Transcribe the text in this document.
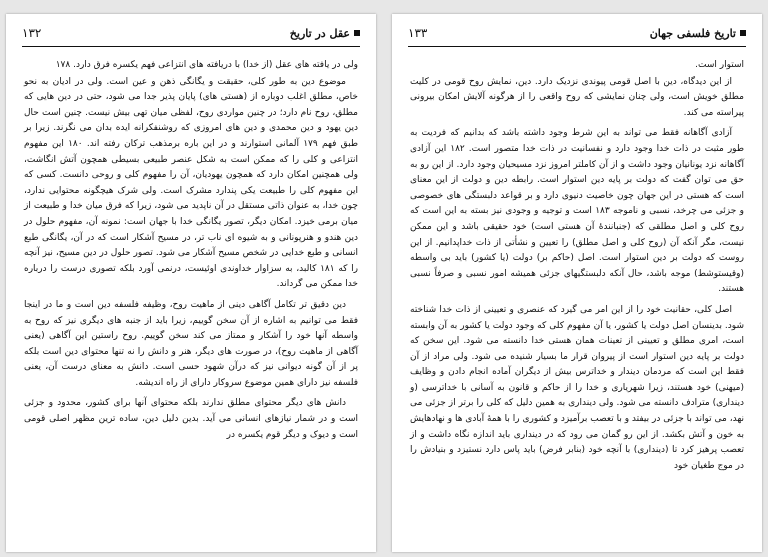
۱۳۲	عقل در تاریخ

ولی در یافته های عقل (از خدا) با دریافته های انتزاعی فهم یکسره فرق دارد. ۱۷۸

موضوع دین به طور کلی، حقیقت و یگانگی ذهن و عین است. ولی در ادیان به نحو خاص، مطلق اغلب دوباره از (هستی های) پایان پذیر جدا می شود، حتی در دین هایی که مطلق، روح نام دارد؛ در چنین مواردی روح، لفظی میان تهی بیش نیست. چنین است حال دین یهود و دین محمدی و دین های امروزی که روشنفکرانه ایده بدان می نگرند. زیرا بر طبق فهم ۱۷۹ آلمانی استوارند و در این باره برمذهب ترکان رفته اند. ۱۸۰ این مفهوم انتزاعی و کلی را که ممکن است به شکل عنصر طبیعی بسیطی همچون آتش انگاشت، ولی همچنین امکان دارد که همچون یهودیان، آن را مفهوم کلی و روحی دانست. کسی که این مفهوم کلی را طبیعت یکی پندارد مشرک است. ولی شرک هیچگونه محتوایی ندارد، چون خدا، به عنوان ذاتی مستقل در آن ناپدید می شود، زیرا که فرق میان خدا و طبیعت از میان برمی خیزد. امکان دیگر، تصور یگانگی خدا با جهان است: نمونه آن، مفهوم حلول در دین هندو و هنرپونانی و به شیوه ای ناب تر، در مسیح آشکار است که در آن، یگانگی طبع انسانی و طبع خدایی در شخص مسیح آشکار می شود. تصور حلول در دین مسیح، نیز آنچه را که ۱۸۱ کالبد، به سزاوار خداوندی اوئیست، درنمی آورد بلکه تصوری درست را درباره خدا ممکن می گرداند.

دین دقیق تر تکامل آگاهی دینی از ماهیت روح، وظیفه فلسفه دین است و ما در اینجا فقط می توانیم به اشاره از آن سخن گوییم، زیرا باید از جنبه های دیگری نیز که روح به واسطه آنها خود را آشکار و ممتاز می کند سخن گوییم. روح راستین این آگاهی (یعنی آگاهی از ماهیت روح)، در صورت های دیگر، هنر و دانش را نه تنها محتوای دین است بلکه پر از آن گونه دیوانی نیز که درآن شهود حسی است. دانش به معنای درست آن، یعنی فلسفه نیز دارای همین موضوع سروکار دارای از راه اندیشه.

دانش های دیگر محتوای مطلق ندارند بلکه محتوای آنها برای کشور، محدود و جزئی است و در شمار نیازهای انسانی می آید. بدین دلیل دین، ساده ترین مظهر اصلی قومی است و دیوک و دیگر قوم یکسره در

۱۳۳	تاریخ فلسفی جهان

استوار است.

از این دیدگاه، دین با اصل قومی پیوندی نزدیک دارد. دین، نمایش روح قومی در کلیت مطلق خویش است، ولی چنان نمایشی که روح واقعی را از هرگونه آلایش امکان بیرونی پیراسته می کند.

آزادی آگاهانه فقط می تواند به این شرط وجود داشته باشد که بدانیم که فردیت به طور مثبت در ذات خدا وجود دارد و نفسانیت در ذات خدا متصور است. ۱۸۲ این آزادی آگاهانه نزد یونانیان وجود داشت و از آن کاملتر امروز نزد مسیحیان وجود دارد. از این رو به حق می توان گفت که دولت بر پایه دین استوار است. رابطه دین و دولت از این معنای است که هستی در این جهان چون خاصیت دنیوی دارد و بر قواعد دلبستگی های خصوصی و جزئی می چرخد، نسبی و ناموجه ۱۸۳ است و توجیه و وجودی نیز بسته به این است که روح کلی و اصل مطلقی که (جنبانندۀ آن هستی است) خود حقیقی باشد و این ممکن نیست، مگر آنکه آن (روح کلی و اصل مطلق) را تعیین و نشأتی از ذات خداپدانیم. از این روست که دولت بر دین استوار است. اصل (حاکم بر) دولت (یا کشور) باید بی واسطه (وقیستوشط) موجه باشد، حال آنکه دلبستگیهای جزئی همیشه امور نسبی و صرفاً نسبی هستند.

اصل کلی، حقانیت خود را از این امر می گیرد که عنصری و تعیینی از ذات خدا شناخته شود. بدینسان اصل دولت یا کشور، یا آن مفهوم کلی که وجود دولت یا کشور به آن وابسته است، امری مطلق و تعیینی از تعینات همان هستی خدا دانسته می شود. این سخن که دولت بر پایه دین استوار است از پیروان قرار ما بسیار شنیده می شود. ولی مراد از آن فقط این است که مردمان دیندار و خداترس بیش از دیگران آماده انجام دادن و وظایف (میهنی) خود هستند، زیرا شهریاری و خدا را از حاکم و قانون به آسانی با خداترسی (و دینداری) مترادف دانسته می شود. ولی دینداری به همین دلیل که کلی را برتر از جزئی می نهد، می تواند با جزئی در بیفتد و با تعصب برآمیزد و کشوری را با همۀ آبادی ها و نهادهایش به خون و آتش بکشد. از این رو گمان می رود که در دینداری باید اندازه نگاه داشت و از تعصب پرهیز کرد تا (دینداری) با آنچه خود (بنابر فرض) باید پاس دارد نستیزد و بنیادش را در موج طغیان خود
